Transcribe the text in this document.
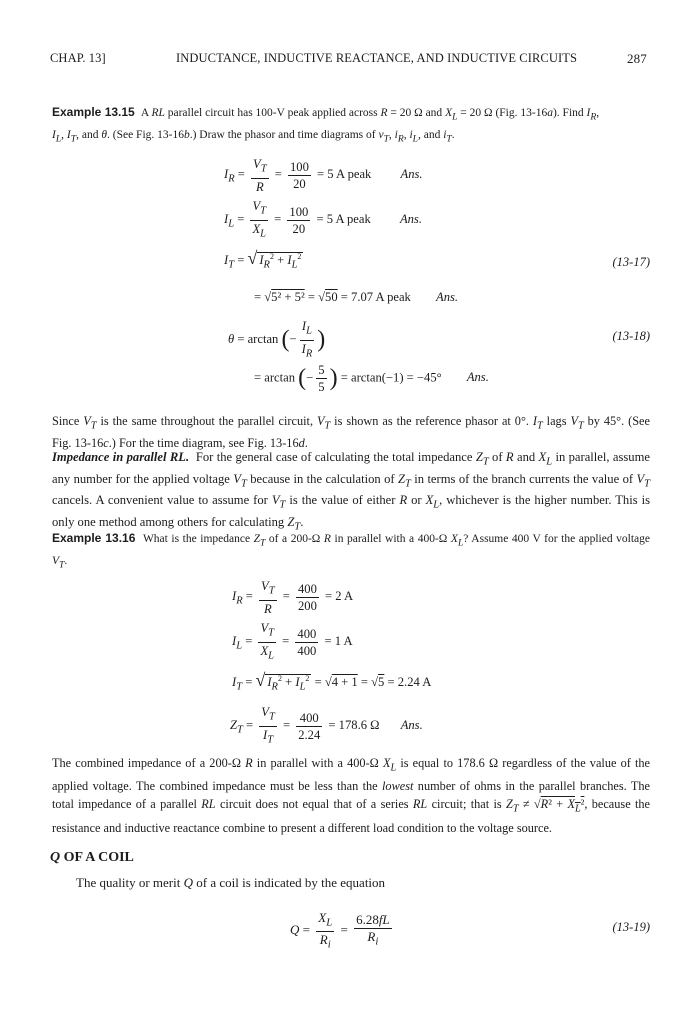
CHAP. 13]	INDUCTANCE, INDUCTIVE REACTANCE, AND INDUCTIVE CIRCUITS	287
Example 13.15 A RL parallel circuit has 100-V peak applied across R = 20 Ω and $X_L = 20$ Ω (Fig. 13-16a). Find $I_R$,
$I_L$, $I_T$, and θ. (See Fig. 13-16b.) Draw the phasor and time diagrams of $v_T$, $i_R$, $i_L$, and $i_T$.
$I_R = \frac{V_T}{R} = \frac{100}{20} = 5$ A peak Ans.
$I_L = \frac{V_T}{X_L} = \frac{100}{20} = 5$ A peak Ans.
$I_T$ = √ $I_R^2 + I_L^2$	(13-17)
= √5² + 5² = √50 = 7.07 A peak Ans.
θ = arctan (− $\frac{I_L}{I_R}$ )	(13-18)
= arctan (− $\frac{5}{5}$ ) = arctan(−1) = −45° Ans.
Since $V_T$ is the same throughout the parallel circuit, $V_T$ is shown as the reference phasor at 0°. $I_T$ lags $V_T$ by 45°. (See Fig. 13-16c.) For the time diagram, see Fig. 13-16d.
Impedance in parallel RL.  For the general case of calculating the total impedance $Z_T$ of R and $X_L$ in parallel, assume any number for the applied voltage $V_T$ because in the calculation of $Z_T$ in terms of the branch currents the value of $V_T$ cancels. A convenient value to assume for $V_T$ is the value of either R or $X_L$, whichever is the higher number. This is only one method among others for calculating $Z_T$.
Example 13.16 What is the impedance $Z_T$ of a 200-Ω R in parallel with a 400-Ω $X_L$? Assume 400 V for the applied voltage $V_T$.
$I_R = \frac{V_T}{R} = \frac{400}{200} = 2$ A
$I_L = \frac{V_T}{X_L} = \frac{400}{400} = 1$ A
$I_T$ = √ $I_R^2 + I_L^2 = √4 + 1 = √5 = 2.24$ A
$Z_T = \frac{V_T}{I_T} = \frac{400}{2.24} = 178.6$ Ω Ans.
The combined impedance of a 200-Ω R in parallel with a 400-Ω $X_L$ is equal to 178.6 Ω regardless of the value of the applied voltage. The combined impedance must be less than the lowest number of ohms in the parallel branches. The total impedance of a parallel RL circuit does not equal that of a series RL circuit; that is $Z_T \ne √R^2 + X_L^2$, because the resistance and inductive reactance combine to present a different load condition to the voltage source.
Q OF A COIL
The quality or merit Q of a coil is indicated by the equation
$Q = \frac{X_L}{R_i} = \frac{6.28fL}{R_i}$	(13-19)
